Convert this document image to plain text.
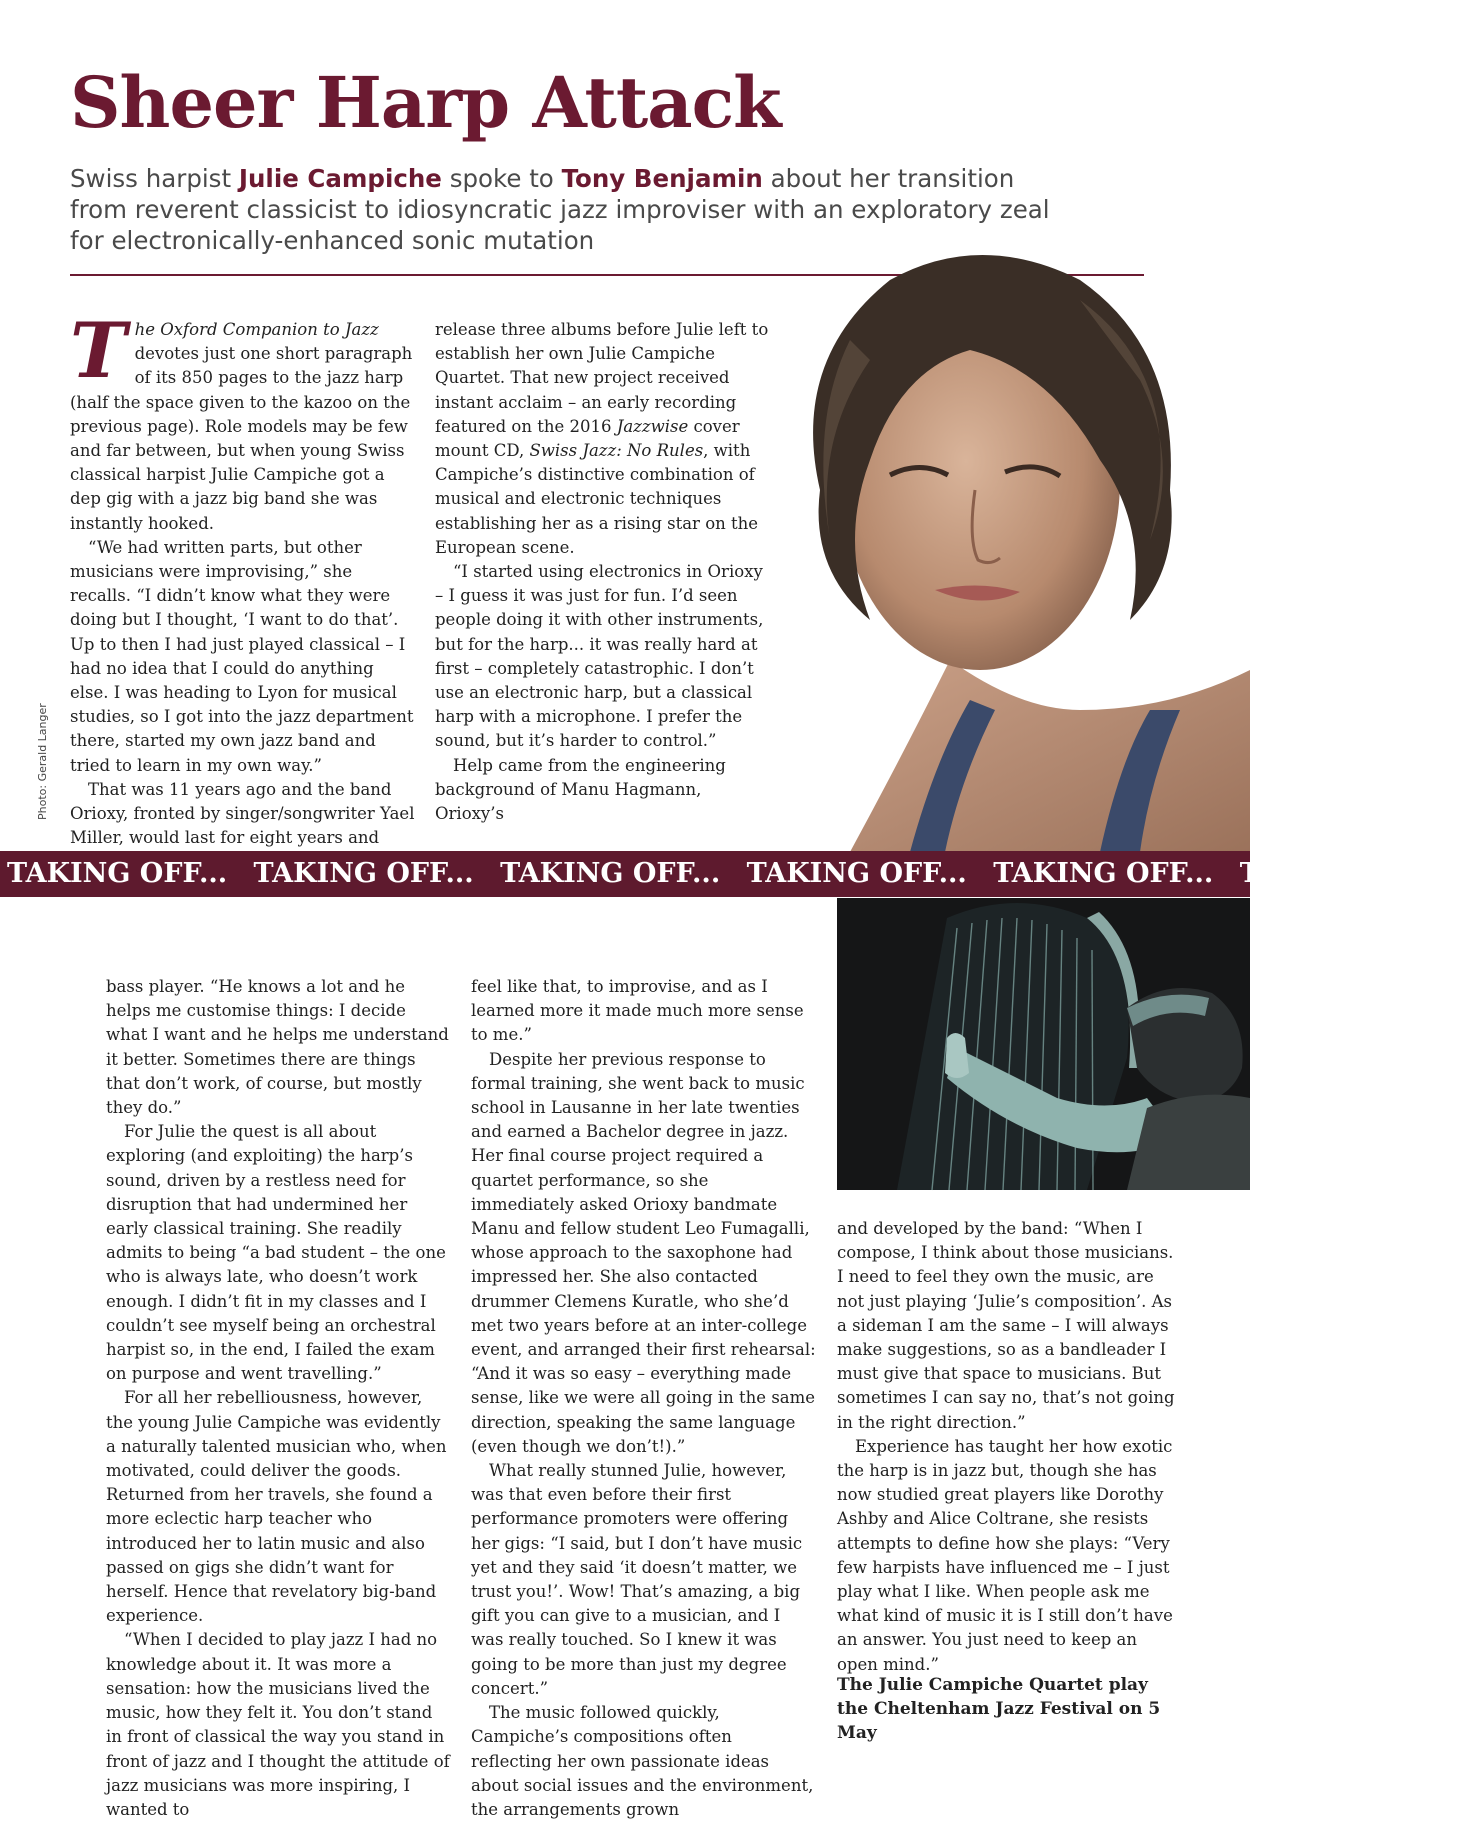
Sheer Harp Attack

Swiss harpist Julie Campiche spoke to Tony Benjamin about her transition from reverent classicist to idiosyncratic jazz improviser with an exploratory zeal for electronically-enhanced sonic mutation

The Oxford Companion to Jazz devotes just one short paragraph of its 850 pages to the jazz harp (half the space given to the kazoo on the previous page). Role models may be few and far between, but when young Swiss classical harpist Julie Campiche got a dep gig with a jazz big band she was instantly hooked.

“We had written parts, but other musicians were improvising,” she recalls. “I didn’t know what they were doing but I thought, ‘I want to do that’. Up to then I had just played classical – I had no idea that I could do anything else. I was heading to Lyon for musical studies, so I got into the jazz department there, started my own jazz band and tried to learn in my own way.”

That was 11 years ago and the band Orioxy, fronted by singer/songwriter Yael Miller, would last for eight years and

release three albums before Julie left to establish her own Julie Campiche Quartet. That new project received instant acclaim – an early recording featured on the 2016 Jazzwise cover mount CD, Swiss Jazz: No Rules, with Campiche’s distinctive combination of musical and electronic techniques establishing her as a rising star on the European scene.

“I started using electronics in Orioxy – I guess it was just for fun. I’d seen people doing it with other instruments, but for the harp... it was really hard at first – completely catastrophic. I don’t use an electronic harp, but a classical harp with a microphone. I prefer the sound, but it’s harder to control.”

Help came from the engineering background of Manu Hagmann, Orioxy’s

Photo: Gerald Langer
TAKING OFF... TAKING OFF... TAKING OFF... TAKING OFF... TAKING OFF... TAKING OFF...

bass player. “He knows a lot and he helps me customise things: I decide what I want and he helps me understand it better. Sometimes there are things that don’t work, of course, but mostly they do.”

For Julie the quest is all about exploring (and exploiting) the harp’s sound, driven by a restless need for disruption that had undermined her early classical training. She readily admits to being “a bad student – the one who is always late, who doesn’t work enough. I didn’t fit in my classes and I couldn’t see myself being an orchestral harpist so, in the end, I failed the exam on purpose and went travelling.”

For all her rebelliousness, however, the young Julie Campiche was evidently a naturally talented musician who, when motivated, could deliver the goods. Returned from her travels, she found a more eclectic harp teacher who introduced her to latin music and also passed on gigs she didn’t want for herself. Hence that revelatory big-band experience.

“When I decided to play jazz I had no knowledge about it. It was more a sensation: how the musicians lived the music, how they felt it. You don’t stand in front of classical the way you stand in front of jazz and I thought the attitude of jazz musicians was more inspiring, I wanted to

feel like that, to improvise, and as I learned more it made much more sense to me.”

Despite her previous response to formal training, she went back to music school in Lausanne in her late twenties and earned a Bachelor degree in jazz. Her final course project required a quartet performance, so she immediately asked Orioxy bandmate Manu and fellow student Leo Fumagalli, whose approach to the saxophone had impressed her. She also contacted drummer Clemens Kuratle, who she’d met two years before at an inter-college event, and arranged their first rehearsal: “And it was so easy – everything made sense, like we were all going in the same direction, speaking the same language (even though we don’t!).”

What really stunned Julie, however, was that even before their first performance promoters were offering her gigs: “I said, but I don’t have music yet and they said ‘it doesn’t matter, we trust you!’. Wow! That’s amazing, a big gift you can give to a musician, and I was really touched. So I knew it was going to be more than just my degree concert.”

The music followed quickly, Campiche’s compositions often reflecting her own passionate ideas about social issues and the environment, the arrangements grown

and developed by the band: “When I compose, I think about those musicians. I need to feel they own the music, are not just playing ‘Julie’s composition’. As a sideman I am the same – I will always make suggestions, so as a bandleader I must give that space to musicians. But sometimes I can say no, that’s not going in the right direction.”

Experience has taught her how exotic the harp is in jazz but, though she has now studied great players like Dorothy Ashby and Alice Coltrane, she resists attempts to define how she plays: “Very few harpists have influenced me – I just play what I like. When people ask me what kind of music it is I still don’t have an answer. You just need to keep an open mind.”

The Julie Campiche Quartet play the Cheltenham Jazz Festival on 5 May
